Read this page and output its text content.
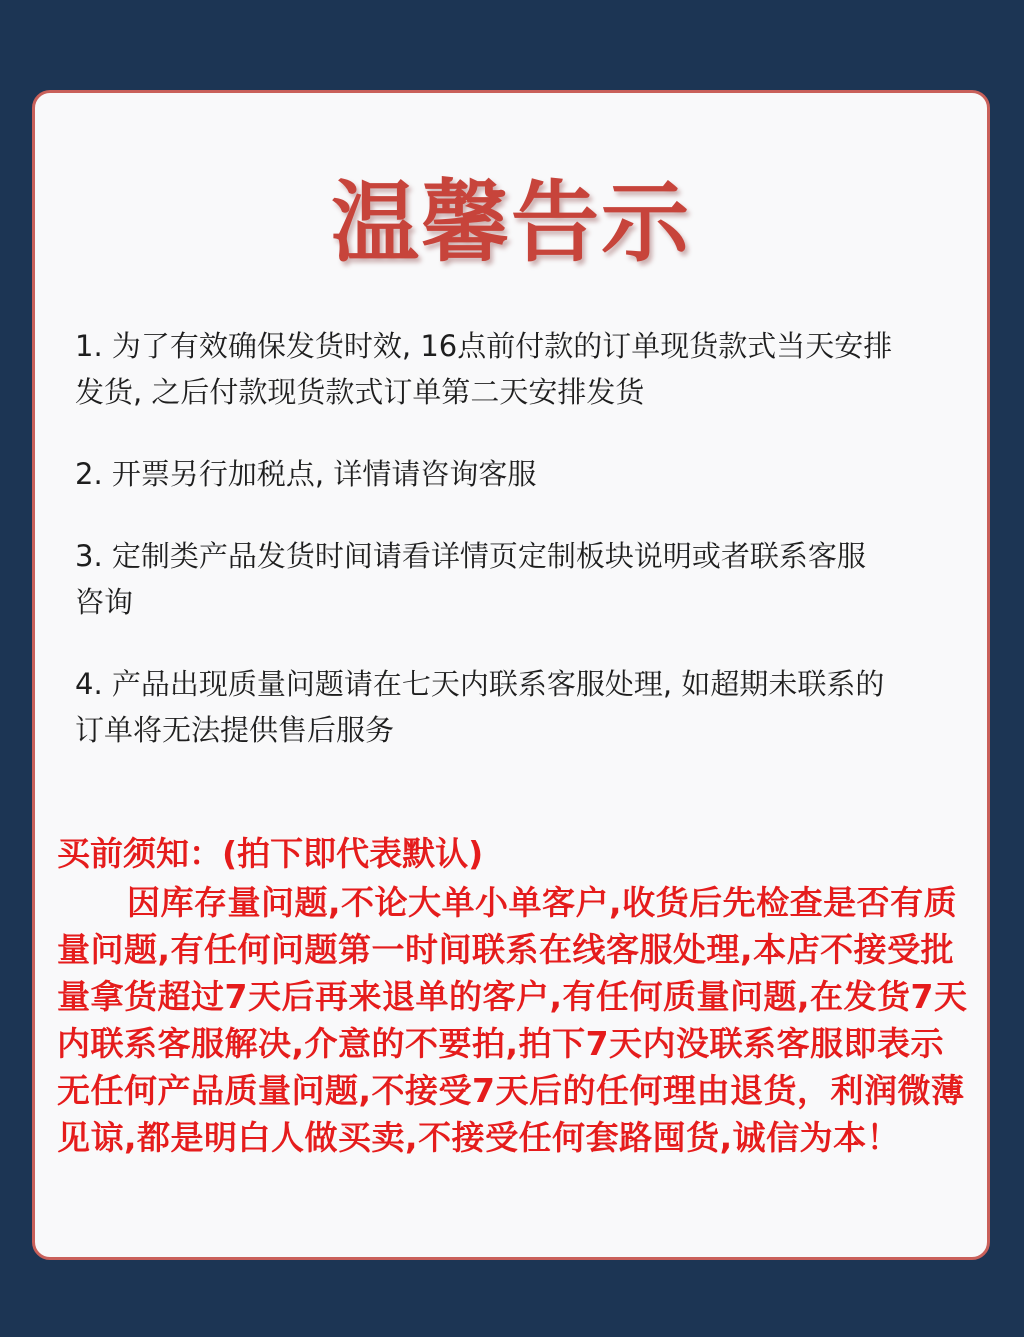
温馨告示
1. 为了有效确保发货时效, 16点前付款的订单现货款式当天安排
发货, 之后付款现货款式订单第二天安排发货
2. 开票另行加税点, 详情请咨询客服
3. 定制类产品发货时间请看详情页定制板块说明或者联系客服
咨询
4. 产品出现质量问题请在七天内联系客服处理, 如超期未联系的
订单将无法提供售后服务
买前须知：(拍下即代表默认)
因库存量问题,不论大单小单客户,收货后先检查是否有质量问题,有任何问题第一时间联系在线客服处理,本店不接受批量拿货超过7天后再来退单的客户,有任何质量问题,在发货7天内联系客服解决,介意的不要拍,拍下7天内没联系客服即表示无任何产品质量问题,不接受7天后的任何理由退货，利润微薄见谅,都是明白人做买卖,不接受任何套路囤货,诚信为本！
